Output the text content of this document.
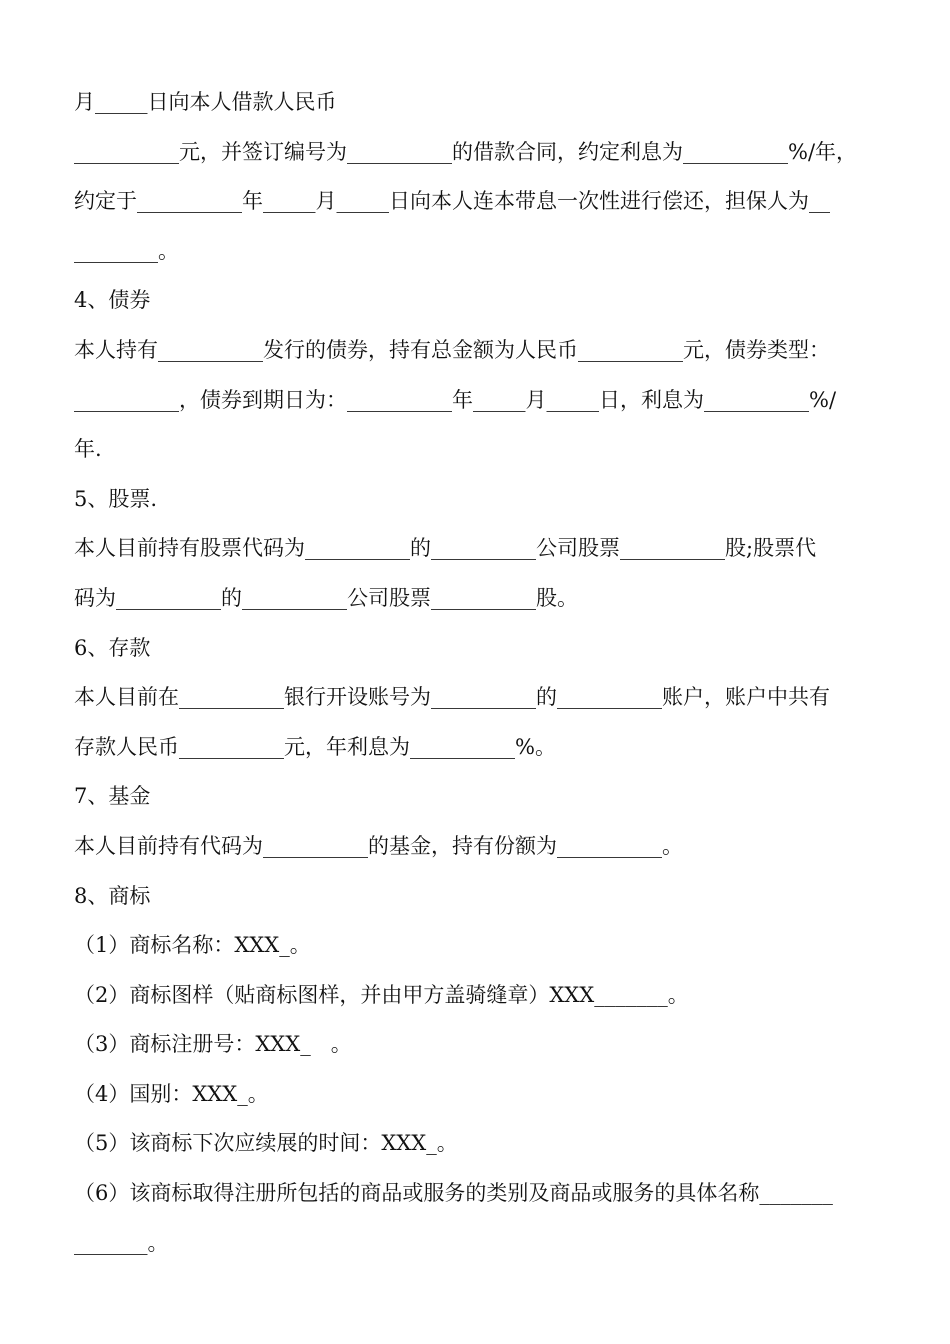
月_____日向本人借款人民币
__________元，并签订编号为__________的借款合同，约定利息为__________%/年，
约定于__________年_____月_____日向本人连本带息一次性进行偿还，担保人为__
________。
4、债券
本人持有__________发行的债券，持有总金额为人民币__________元，债券类型：
__________，债券到期日为：__________年_____月_____日，利息为__________%/
年.
5、股票.
本人目前持有股票代码为__________的__________公司股票__________股;股票代
码为__________的__________公司股票__________股。
6、存款
本人目前在__________银行开设账号为__________的__________账户，账户中共有
存款人民币__________元，年利息为__________%。
7、基金
本人目前持有代码为__________的基金，持有份额为__________。
8、商标
（1）商标名称：XXX_。
（2）商标图样（贴商标图样，并由甲方盖骑缝章）XXX_______。
（3）商标注册号：XXX_   。
（4）国别：XXX_。
（5）该商标下次应续展的时间：XXX_。
（6）该商标取得注册所包括的商品或服务的类别及商品或服务的具体名称_______
_______。
